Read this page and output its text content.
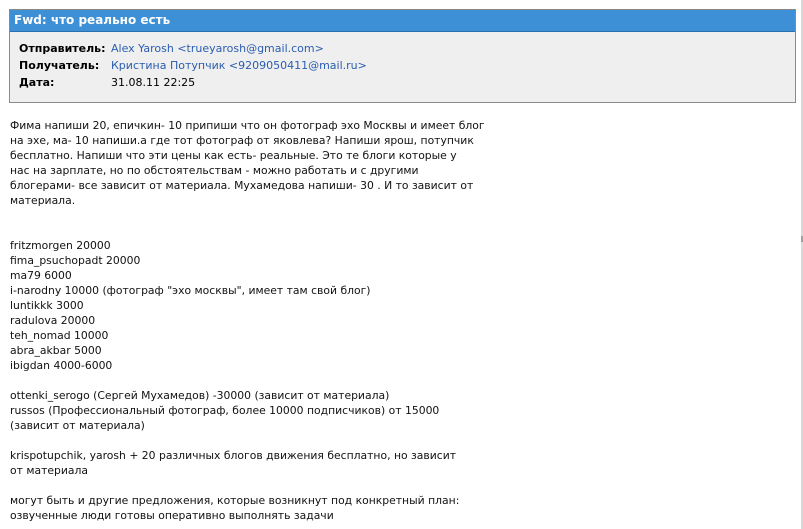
Fwd: что реально есть
Отправитель: Alex Yarosh <trueyarosh@gmail.com>
Получатель: Кристина Потупчик <9209050411@mail.ru>
Дата:	31.08.11 22:25
Фима напиши 20, епичкин- 10 припиши что он фотограф эхо Москвы и имеет блог
на эхе, ма- 10 напиши.а где тот фотограф от яковлева? Напиши ярош, потупчик
бесплатно. Напиши что эти цены как есть- реальные. Это те блоги которые у
нас на зарплате, но по обстоятельствам - можно работать и с другими
блогерами- все зависит от материала. Мухамедова напиши- 30 . И то зависит от
материала.

fritzmorgen 20000
fima_psuchopadt 20000
ma79 6000
i-narodny 10000 (фотограф "эхо москвы", имеет там свой блог)
luntikkk 3000
radulova 20000
teh_nomad 10000
abra_akbar 5000
ibigdan 4000-6000

ottenki_serogo (Сергей Мухамедов) -30000 (зависит от материала)
russos (Профессиональный фотограф, более 10000 подписчиков) от 15000
(зависит от материала)

krispotupchik, yarosh + 20 различных блогов движения бесплатно, но зависит
от материала

могут быть и другие предложения, которые возникнут под конкретный план:
озвученные люди готовы оперативно выполнять задачи
